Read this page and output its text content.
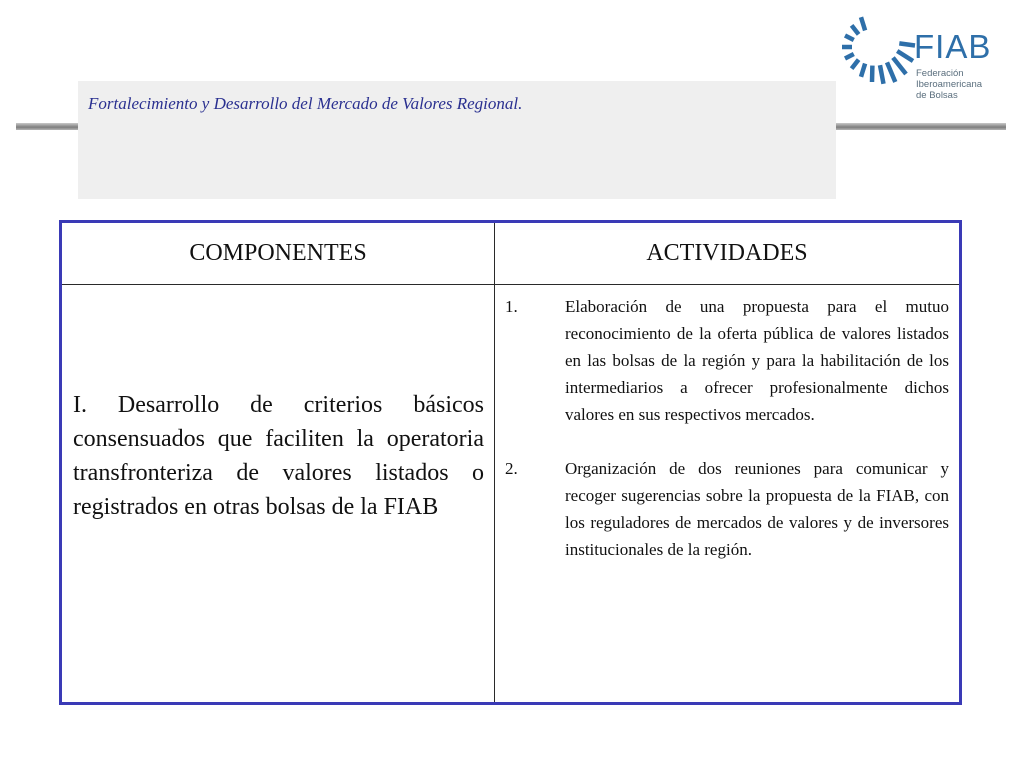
Fortalecimiento y Desarrollo del Mercado de Valores Regional.
FIAB
Federación
Iberoamericana
de Bolsas
COMPONENTES	ACTIVIDADES

I. Desarrollo de criterios básicos consensuados que faciliten la operatoria transfronteriza de valores listados o registrados en otras bolsas de la FIAB	1. Elaboración de una propuesta para el mutuo reconocimiento de la oferta pública de valores listados en las bolsas de la región y para la habilitación de los intermediarios a ofrecer profesionalmente dichos valores en sus respectivos mercados.
2. Organización de dos reuniones para comunicar y recoger sugerencias sobre la propuesta de la FIAB, con los reguladores de mercados de valores y de inversores institucionales de la región.
